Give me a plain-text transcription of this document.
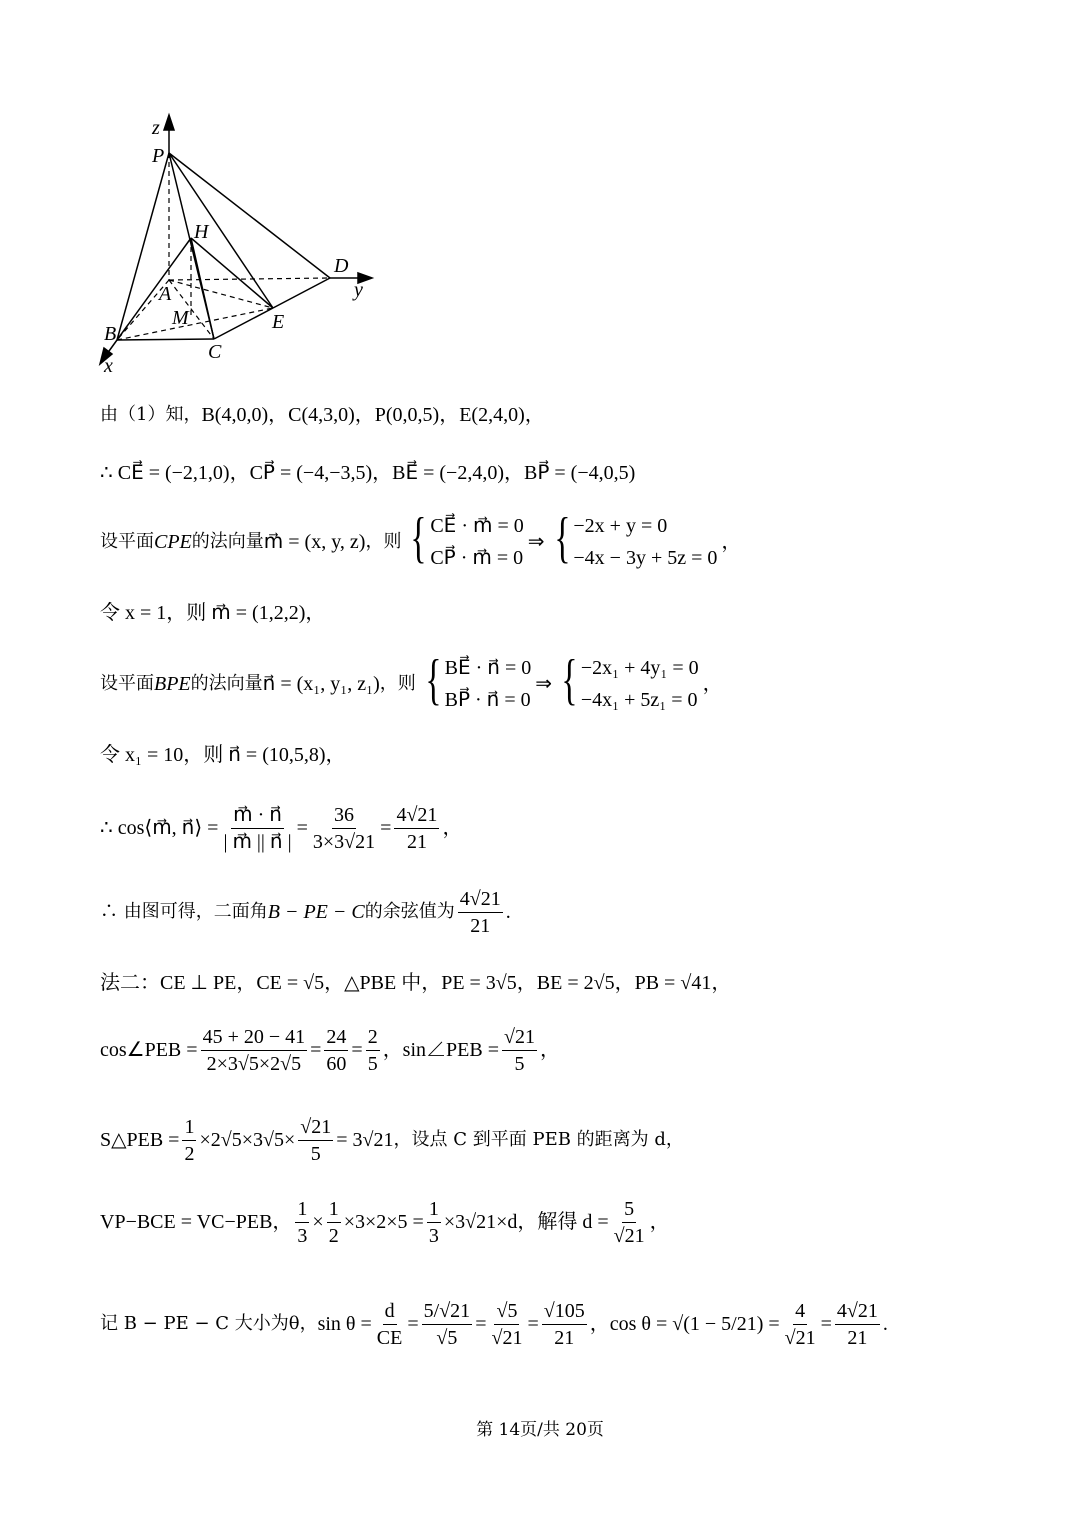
z
P
H
D
y
A
M	E
B
C
x
由（1）知， B(4,0,0)，C(4,3,0)，P(0,0,5)，E(2,4,0)，
∴ CE⃗ = (−2,1,0)，CP⃗ = (−4,−3,5)，BE⃗ = (−2,4,0)，BP⃗ = (−4,0,5)
设平面 CPE 的法向量 m⃗ = (x, y, z) ，则 { CE⃗ · m⃗ = 0
CP⃗ · m⃗ = 0
⇒ { −2x + y = 0
−4x − 3y + 5z = 0
，
令 x = 1，则 m⃗ = (1,2,2)，
设平面 BPE 的法向量 n⃗ = (x₁, y₁, z₁) ，则 { BE⃗ · n⃗ = 0
BP⃗ · n⃗ = 0
⇒ { −2x₁ + 4y₁ = 0
−4x₁ + 5z₁ = 0
，
令 x₁ = 10，则 n⃗ = (10,5,8)，
∴ cos⟨m⃗, n⃗⟩ = $\frac{m⃗ \cdot n⃗}{| m⃗ || n⃗ |} = \frac{36}{3\times 3√21} = \frac{4√21}{21}$ ，
∴ 由图可得，二面角 B − PE − C 的余弦值为 $\frac{4√21}{21}$ .
法二：CE ⊥ PE，CE = √5，△PBE 中，PE = 3√5，BE = 2√5，PB = √41，
cos∠PEB = $\frac{45 + 20 - 41}{2\times 3√5\times 2√5} = \frac{24}{60} = \frac{2}{5}$ ，sin∠PEB = $\frac{√21}{5}$ ，
S△PEB = $\frac{1}{2} \times 2√5\times 3√5\times \frac{√21}{5} = 3√21$ ，设点 C 到平面 PEB 的距离为 d，
VP−BCE = VC−PEB， $\frac{1}{3} \times \frac{1}{2} \times 3\times 2\times 5 = \frac{1}{3} \times 3√21\times d$，解得 $d = \frac{5}{√21}$ ，
记 B − PE − C 大小为θ， $\sin \theta = \frac{d}{CE} = \frac{5/√21}{√5} = \frac{√5}{√21} = \frac{√105}{21}$ ，$\cos \theta = √(1 - 5/21) = \frac{4}{√21} = \frac{4√21}{21}$ .
第 14页/共 20页
